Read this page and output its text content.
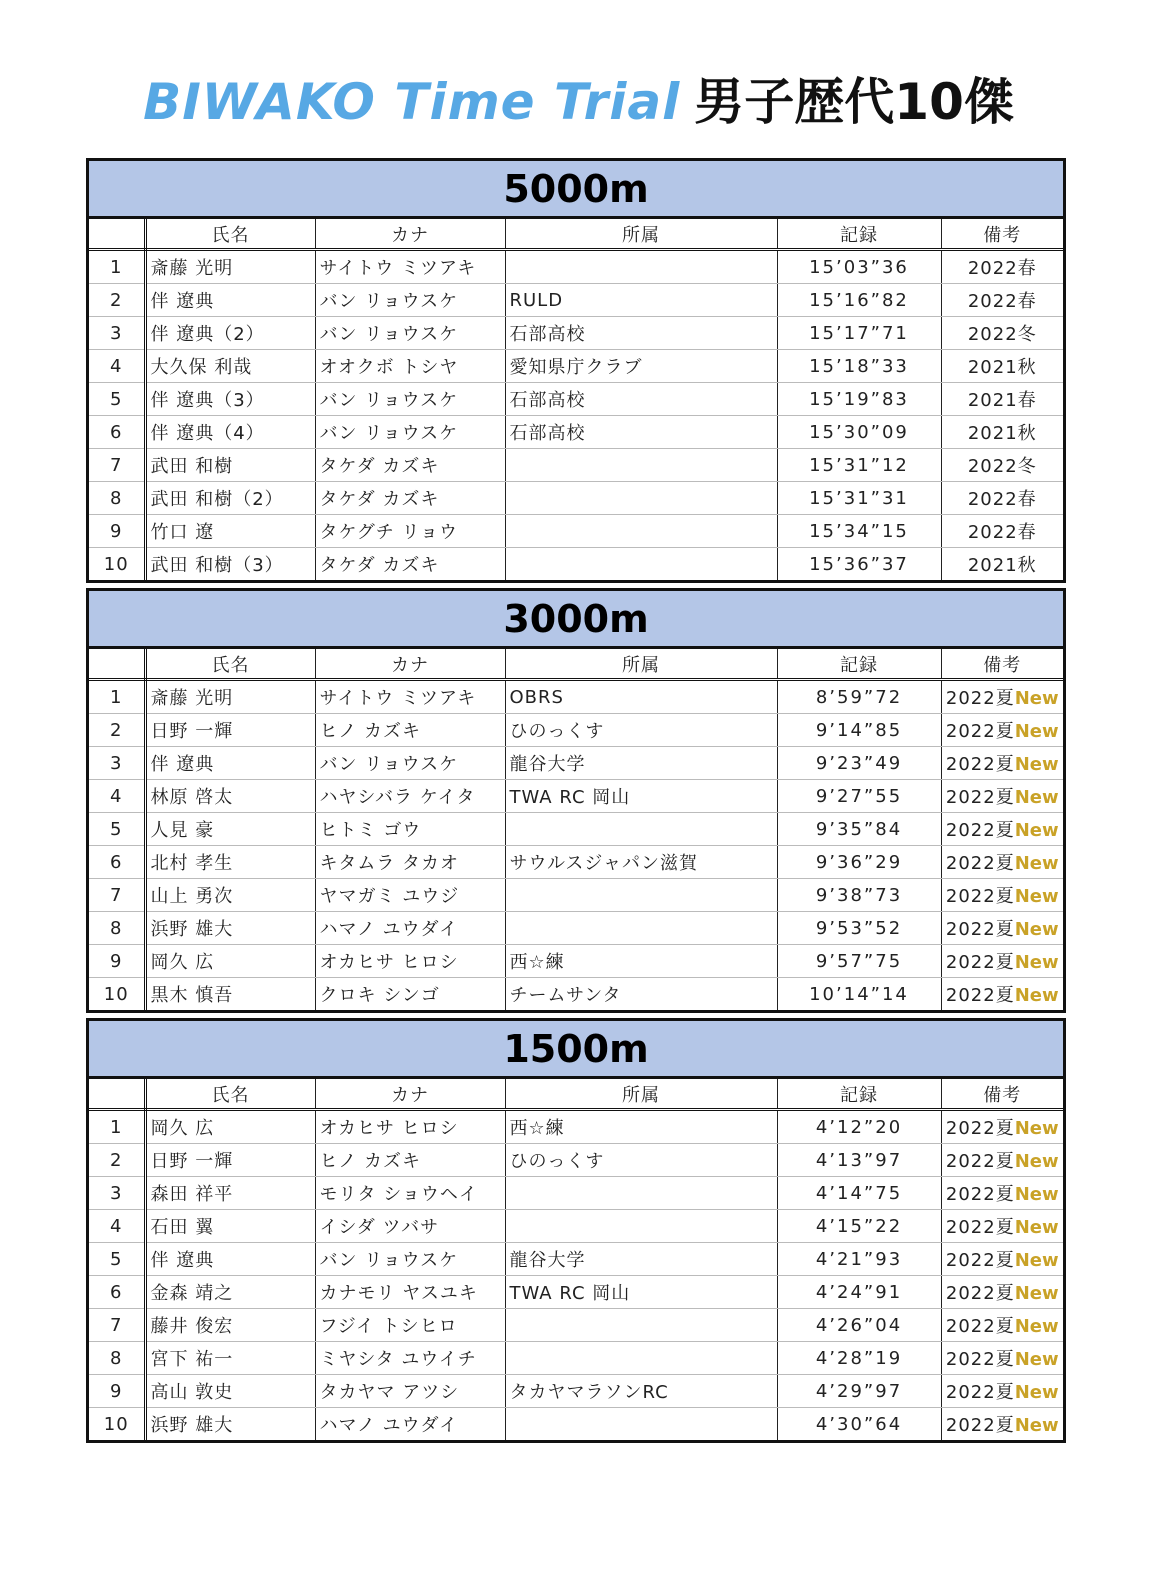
BIWAKO Time Trial 男子歴代10傑
5000m
	氏名	カナ	所属	記録	備考
1	斎藤 光明	サイトウ ミツアキ		15’03”36	2022春
2	伴 遼典	バン リョウスケ	RULD	15’16”82	2022春
3	伴 遼典（2）	バン リョウスケ	石部高校	15’17”71	2022冬
4	大久保 利哉	オオクボ トシヤ	愛知県庁クラブ	15’18”33	2021秋
5	伴 遼典（3）	バン リョウスケ	石部高校	15’19”83	2021春
6	伴 遼典（4）	バン リョウスケ	石部高校	15’30”09	2021秋
7	武田 和樹	タケダ カズキ		15’31”12	2022冬
8	武田 和樹（2）	タケダ カズキ		15’31”31	2022春
9	竹口 遼	タケグチ リョウ		15’34”15	2022春
10	武田 和樹（3）	タケダ カズキ		15’36”37	2021秋
3000m
	氏名	カナ	所属	記録	備考
1	斎藤 光明	サイトウ ミツアキ	OBRS	8’59”72	2022夏New
2	日野 一輝	ヒノ カズキ	ひのっくす	9’14”85	2022夏New
3	伴 遼典	バン リョウスケ	龍谷大学	9’23”49	2022夏New
4	林原 啓太	ハヤシバラ ケイタ	TWA RC 岡山	9’27”55	2022夏New
5	人見 豪	ヒトミ ゴウ		9’35”84	2022夏New
6	北村 孝生	キタムラ タカオ	サウルスジャパン滋賀	9’36”29	2022夏New
7	山上 勇次	ヤマガミ ユウジ		9’38”73	2022夏New
8	浜野 雄大	ハマノ ユウダイ		9’53”52	2022夏New
9	岡久 広	オカヒサ ヒロシ	西☆練	9’57”75	2022夏New
10	黒木 慎吾	クロキ シンゴ	チームサンタ	10’14”14	2022夏New
1500m
	氏名	カナ	所属	記録	備考
1	岡久 広	オカヒサ ヒロシ	西☆練	4’12”20	2022夏New
2	日野 一輝	ヒノ カズキ	ひのっくす	4’13”97	2022夏New
3	森田 祥平	モリタ ショウヘイ		4’14”75	2022夏New
4	石田 翼	イシダ ツバサ		4’15”22	2022夏New
5	伴 遼典	バン リョウスケ	龍谷大学	4’21”93	2022夏New
6	金森 靖之	カナモリ ヤスユキ	TWA RC 岡山	4’24”91	2022夏New
7	藤井 俊宏	フジイ トシヒロ		4’26”04	2022夏New
8	宮下 祐一	ミヤシタ ユウイチ		4’28”19	2022夏New
9	高山 敦史	タカヤマ アツシ	タカヤマラソンRC	4’29”97	2022夏New
10	浜野 雄大	ハマノ ユウダイ		4’30”64	2022夏New
